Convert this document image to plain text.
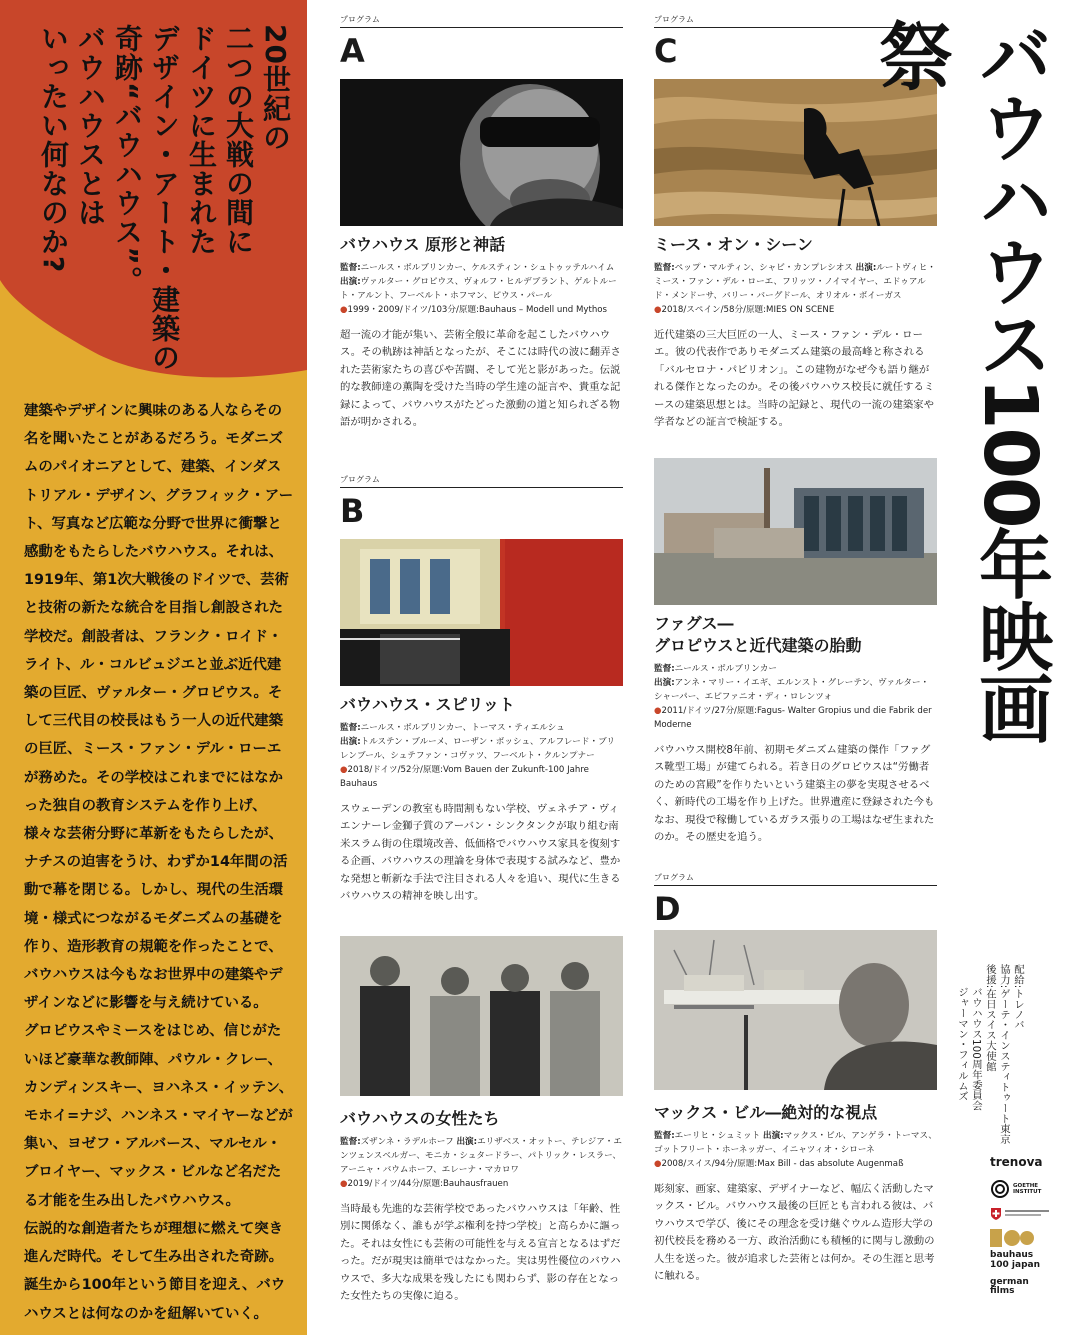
20世紀の
二つの大戦の間に
ドイツに生まれた
デザイン・アート・建築の
奇跡“バウハウス”。
バウハウスとは
いったい何なのか?

建築やデザインに興味のある人ならその名を聞いたことがあるだろう。モダニズムのパイオニアとして、建築、インダストリアル・デザイン、グラフィック・アート、写真など広範な分野で世界に衝撃と感動をもたらしたバウハウス。それは、1919年、第1次大戦後のドイツで、芸術と技術の新たな統合を目指し創設された学校だ。創設者は、フランク・ロイド・ライト、ル・コルビュジエと並ぶ近代建築の巨匠、ヴァルター・グロピウス。そして三代目の校長はもう一人の近代建築の巨匠、ミース・ファン・デル・ローエが務めた。その学校はこれまでにはなかった独自の教育システムを作り上げ、様々な芸術分野に革新をもたらしたが、ナチスの迫害をうけ、わずか14年間の活動で幕を閉じる。しかし、現代の生活環境・様式につながるモダニズムの基礎を作り、造形教育の規範を作ったことで、バウハウスは今もなお世界中の建築やデザインなどに影響を与え続けている。

グロピウスやミースをはじめ、信じがたいほど豪華な教師陣、パウル・クレー、カンディンスキー、ヨハネス・イッテン、モホイ=ナジ、ハンネス・マイヤーなどが集い、ヨゼフ・アルバース、マルセル・ブロイヤー、マックス・ビルなど名だたる才能を生み出したバウハウス。

伝説的な創造者たちが理想に燃えて突き進んだ時代。そして生み出された奇跡。誕生から100年という節目を迎え、バウハウスとは何なのかを紐解いていく。

プログラム
A
バウハウス 原形と神話
監督:ニールス・ボルブリンカー、ケルスティン・シュトゥッテルハイム 出演:ヴァルター・グロピウス、ヴォルフ・ヒルデブラント、ゲルトルート・アルント、フーベルト・ホフマン、ピウス・パール
●1999・2009/ドイツ/103分/原題:Bauhaus – Modell und Mythos
超一流の才能が集い、芸術全般に革命を起こしたバウハウス。その軌跡は神話となったが、そこには時代の波に翻弄された芸術家たちの喜びや苦闘、そして光と影があった。伝説的な教師達の薫陶を受けた当時の学生達の証言や、貴重な記録によって、バウハウスがたどった激動の道と知られざる物語が明かされる。
プログラム
B
バウハウス・スピリット
監督:ニールス・ボルブリンカー、トーマス・ティエルシュ
出演:トルステン・ブルーメ、ローザン・ボッシュ、アルフレード・ブリレンブール、シュテファン・コヴァツ、フーベルト・クルンプナー
●2018/ドイツ/52分/原題:Vom Bauen der Zukunft-100 Jahre Bauhaus
スウェーデンの教室も時間割もない学校、ヴェネチア・ヴィエンナーレ金獅子賞のアーバン・シンクタンクが取り組む南米スラム街の住環境改善、低価格でバウハウス家具を復刻する企画、バウハウスの理論を身体で表現する試みなど、豊かな発想と斬新な手法で注目される人々を追い、現代に生きるバウハウスの精神を映し出す。
バウハウスの女性たち
監督:ズザンネ・ラデルホーフ 出演:エリザベス・オットー、テレジア・エンツェンスベルガー、モニカ・シュタードラー、パトリック・レスラー、アーニャ・バウムホーフ、エレーナ・マカロワ
●2019/ドイツ/44分/原題:Bauhausfrauen
当時最も先進的な芸術学校であったバウハウスは「年齢、性別に関係なく、誰もが学ぶ権利を持つ学校」と高らかに謳った。それは女性にも芸術の可能性を与える宣言となるはずだった。だが現実は簡単ではなかった。実は男性優位のバウハウスで、多大な成果を残したにも関わらず、影の存在となった女性たちの実像に迫る。
プログラム
C
ミース・オン・シーン
監督:ペップ・マルティン、シャビ・カンプレシオス 出演:ルートヴィヒ・ミース・ファン・デル・ローエ、フリッツ・ノイマイヤー、エドゥアルド・メンドーサ、バリー・バーグドール、オリオル・ボイーガス
●2018/スペイン/58分/原題:MIES ON SCENE
近代建築の三大巨匠の一人、ミース・ファン・デル・ローエ。彼の代表作でありモダニズム建築の最高峰と称される「バルセロナ・パビリオン」。この建物がなぜ今も語り継がれる傑作となったのか。その後バウハウス校長に就任するミースの建築思想とは。当時の記録と、現代の一流の建築家や学者などの証言で検証する。
ファグス―
グロピウスと近代建築の胎動
監督:ニールス・ボルブリンカー
出演:アンネ・マリー・イエギ、エルンスト・グレーテン、ヴァルター・シャーパー、エピファニオ・ディ・ロレンツォ
●2011/ドイツ/27分/原題:Fagus- Walter Gropius und die Fabrik der Moderne
バウハウス開校8年前、初期モダニズム建築の傑作「ファグス靴型工場」が建てられる。若き日のグロピウスは“労働者のための宮殿”を作りたいという建築主の夢を実現させるべく、新時代の工場を作り上げた。世界遺産に登録された今もなお、現役で稼働しているガラス張りの工場はなぜ生まれたのか。その歴史を追う。
プログラム
D
マックス・ビル―絶対的な視点
監督:エーリヒ・シュミット 出演:マックス・ビル、アンゲラ・トーマス、ゴットフリート・ホーネッガー、イニャツィオ・シローネ
●2008/スイス/94分/原題:Max Bill - das absolute Augenmaß
彫刻家、画家、建築家、デザイナーなど、幅広く活動したマックス・ビル。バウハウス最後の巨匠とも言われる彼は、バウハウスで学び、後にその理念を受け継ぐウルム造形大学の初代校長を務める一方、政治活動にも積極的に関与し激動の人生を送った。彼が追求した芸術とは何か。その生涯と思考に触れる。
バウハウス100年映画祭
配給:トレノバ
協力:ゲーテ・インスティトゥート東京
後援:在日スイス大使館
バウハウス100周年委員会
ジャーマン・フィルムズ
trenova
GOETHE
INSTITUT
bauhaus
100 japan
german
films
